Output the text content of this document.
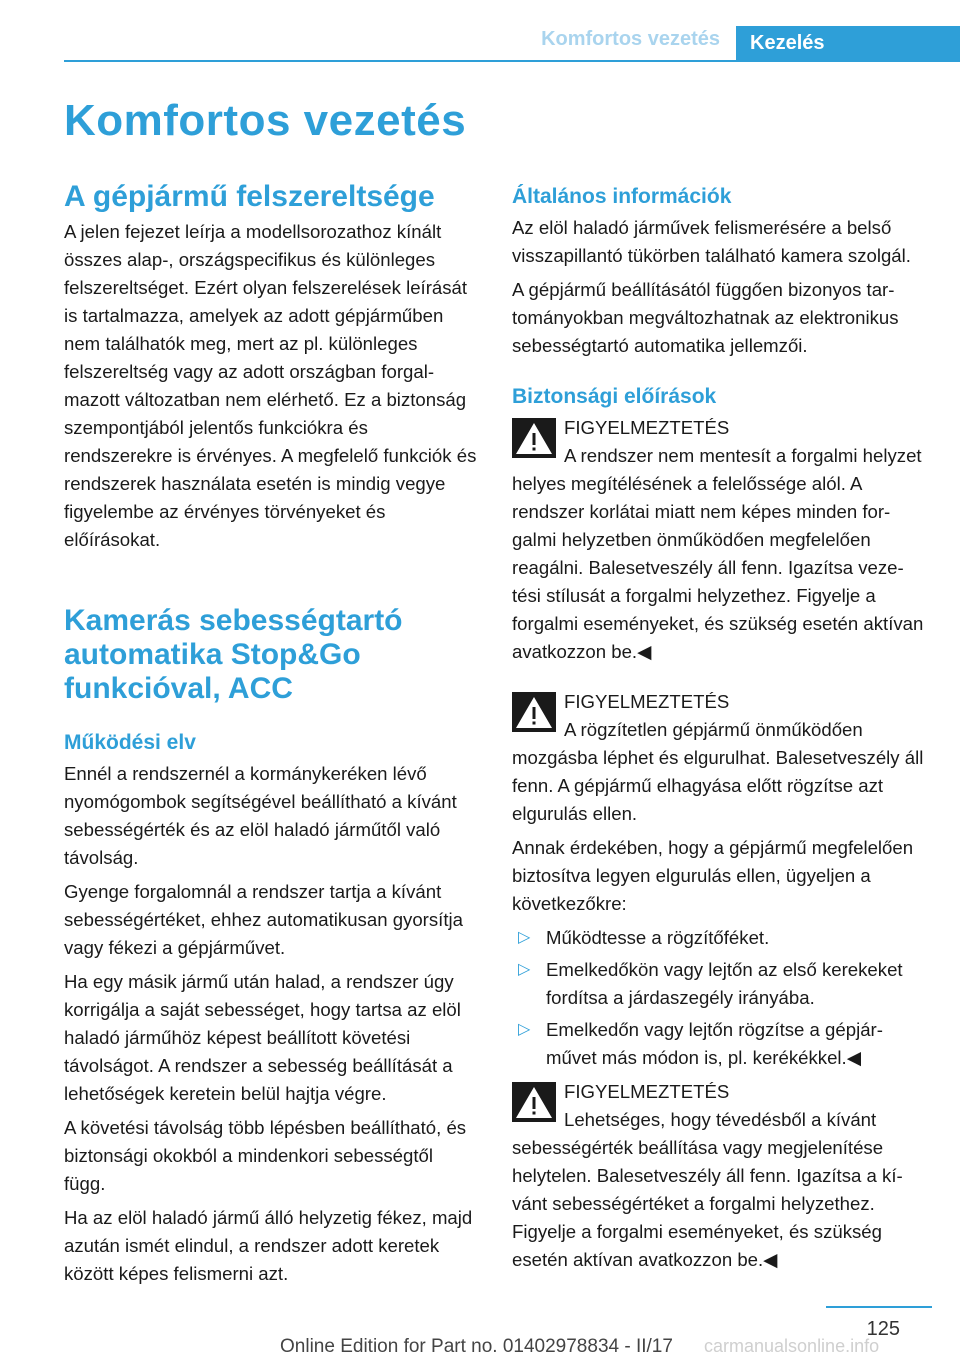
Komfortos vezetés	Kezelés
Komfortos vezetés
A gépjármű felszereltsége

A jelen fejezet leírja a modellsorozathoz kínált összes alap-, országspecifikus és különleges felszereltséget. Ezért olyan felszerelések leírását is tartalmazza, amelyek az adott gépjárműben nem találhatók meg, mert az pl. különleges felszereltség vagy az adott országban forgalmazott változatban nem elérhető. Ez a biztonság szempontjából jelentős funkciókra és rendszerekre is érvényes. A megfelelő funkciók és rendszerek használata esetén is mindig vegye figyelembe az érvényes törvényeket és előírásokat.

Kamerás sebességtartó automatika Stop&Go funkcióval, ACC
Működési elv

Ennél a rendszernél a kormánykeréken lévő nyomógombok segítségével beállítható a kívánt sebességérték és az elöl haladó járműtől való távolság.

Gyenge forgalomnál a rendszer tartja a kívánt sebességértéket, ehhez automatikusan gyorsítja vagy fékezi a gépjárművet.

Ha egy másik jármű után halad, a rendszer úgy korrigálja a saját sebességet, hogy tartsa az elöl haladó járműhöz képest beállított követési távolságot. A rendszer a sebesség beállítását a lehetőségek keretein belül hajtja végre.

A követési távolság több lépésben beállítható, és biztonsági okokból a mindenkori sebességtől függ.

Ha az elöl haladó jármű álló helyzetig fékez, majd azután ismét elindul, a rendszer adott keretek között képes felismerni azt.

Általános információk

Az elöl haladó járművek felismerésére a belső visszapillantó tükörben található kamera szolgál.

A gépjármű beállításától függően bizonyos tartományokban megváltozhatnak az elektronikus sebességtartó automatika jellemzői.

Biztonsági előírások
FIGYELMEZTETÉS
A rendszer nem mentesít a forgalmi helyzet helyes megítélésének a felelőssége alól. A rendszer korlátai miatt nem képes minden forgalmi helyzetben önműködően megfelelően reagálni. Balesetveszély áll fenn. Igazítsa vezetési stílusát a forgalmi helyzethez. Figyelje a forgalmi eseményeket, és szükség esetén aktívan avatkozzon be.◀
FIGYELMEZTETÉS
A rögzítetlen gépjármű önműködően mozgásba léphet és elgurulhat. Balesetveszély áll fenn. A gépjármű elhagyása előtt rögzítse azt elgurulás ellen.

Annak érdekében, hogy a gépjármű megfelelően biztosítva legyen elgurulás ellen, ügyeljen a következőkre:

▷ Működtesse a rögzítőféket.
▷ Emelkedőkön vagy lejtőn az első kerekeket fordítsa a járdaszegély irányába.
▷ Emelkedőn vagy lejtőn rögzítse a gépjárművet más módon is, pl. kerékékkel.◀
FIGYELMEZTETÉS
Lehetséges, hogy tévedésből a kívánt sebességérték beállítása vagy megjelenítése helytelen. Balesetveszély áll fenn. Igazítsa a kívánt sebességértéket a forgalmi helyzethez. Figyelje a forgalmi eseményeket, és szükség esetén aktívan avatkozzon be.◀
125
Online Edition for Part no. 01402978834 - II/17 carmanualsonline.info
